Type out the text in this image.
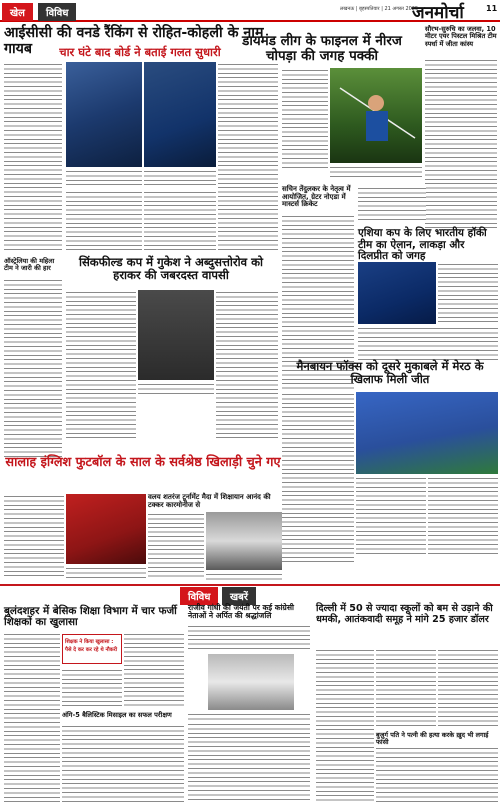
खेल	विविध	लखनऊ | बृहस्पतिवार | 21 अगस्त 2025
जनमोर्चा	11
आईसीसी की वनडे रैंकिंग से रोहित-कोहली के नाम गायब	चार घंटे बाद बोर्ड ने बताई गलत सुधारी
ऑस्ट्रेलिया की महिला टीम ने जारी की हार
डायमंड लीग के फाइनल में नीरज चोपड़ा की जगह पक्की
सौरभ-सुरुचि का जलवा, 10 मीटर एयर पिस्टल मिश्रित टीम स्पर्धा में जीता कांस्य
सिंकफील्ड कप में गुकेश ने अब्दुसत्तोरोव को हराकर की जबरदस्त वापसी
सचिन तेंदुलकर के नेतृत्व में आयोजित, ग्रेटर नोएडा में मास्टर्स क्रिकेट
एशिया कप के लिए भारतीय हॉकी टीम का ऐलान, लाकड़ा और दिलप्रीत को जगह
मैनबायन फॉक्स को दूसरे मुकाबले में मेरठ के खिलाफ मिली जीत
सालाह इंग्लिश फुटबॉल के साल के सर्वश्रेष्ठ खिलाड़ी चुने गए
वलय शतरंज टूर्नामेंट मैदा में शिक्षायान आनंद की टक्कर कारमोनीज से
विविध	खबरें
बुलंदशहर में बेसिक शिक्षा विभाग में चार फर्जी शिक्षकों का खुलासा
शिक्षक ने किया खुलासा : पैसे दे कर कर रहे थे नौकरी
अंगि-5 बैलिस्टिक मिसाइल का सफल परीक्षण
राजीव गांधी की जयंती पर कई कांग्रेसी नेताओं ने अर्पित की श्रद्धांजलि
दिल्ली में 50 से ज्यादा स्कूलों को बम से उड़ाने की धमकी, आतंकवादी समूह ने मांगे 25 हजार डॉलर
बुज़ुर्ग पति ने पत्नी की हत्या करके ख़ुद भी लगाई फांसी
